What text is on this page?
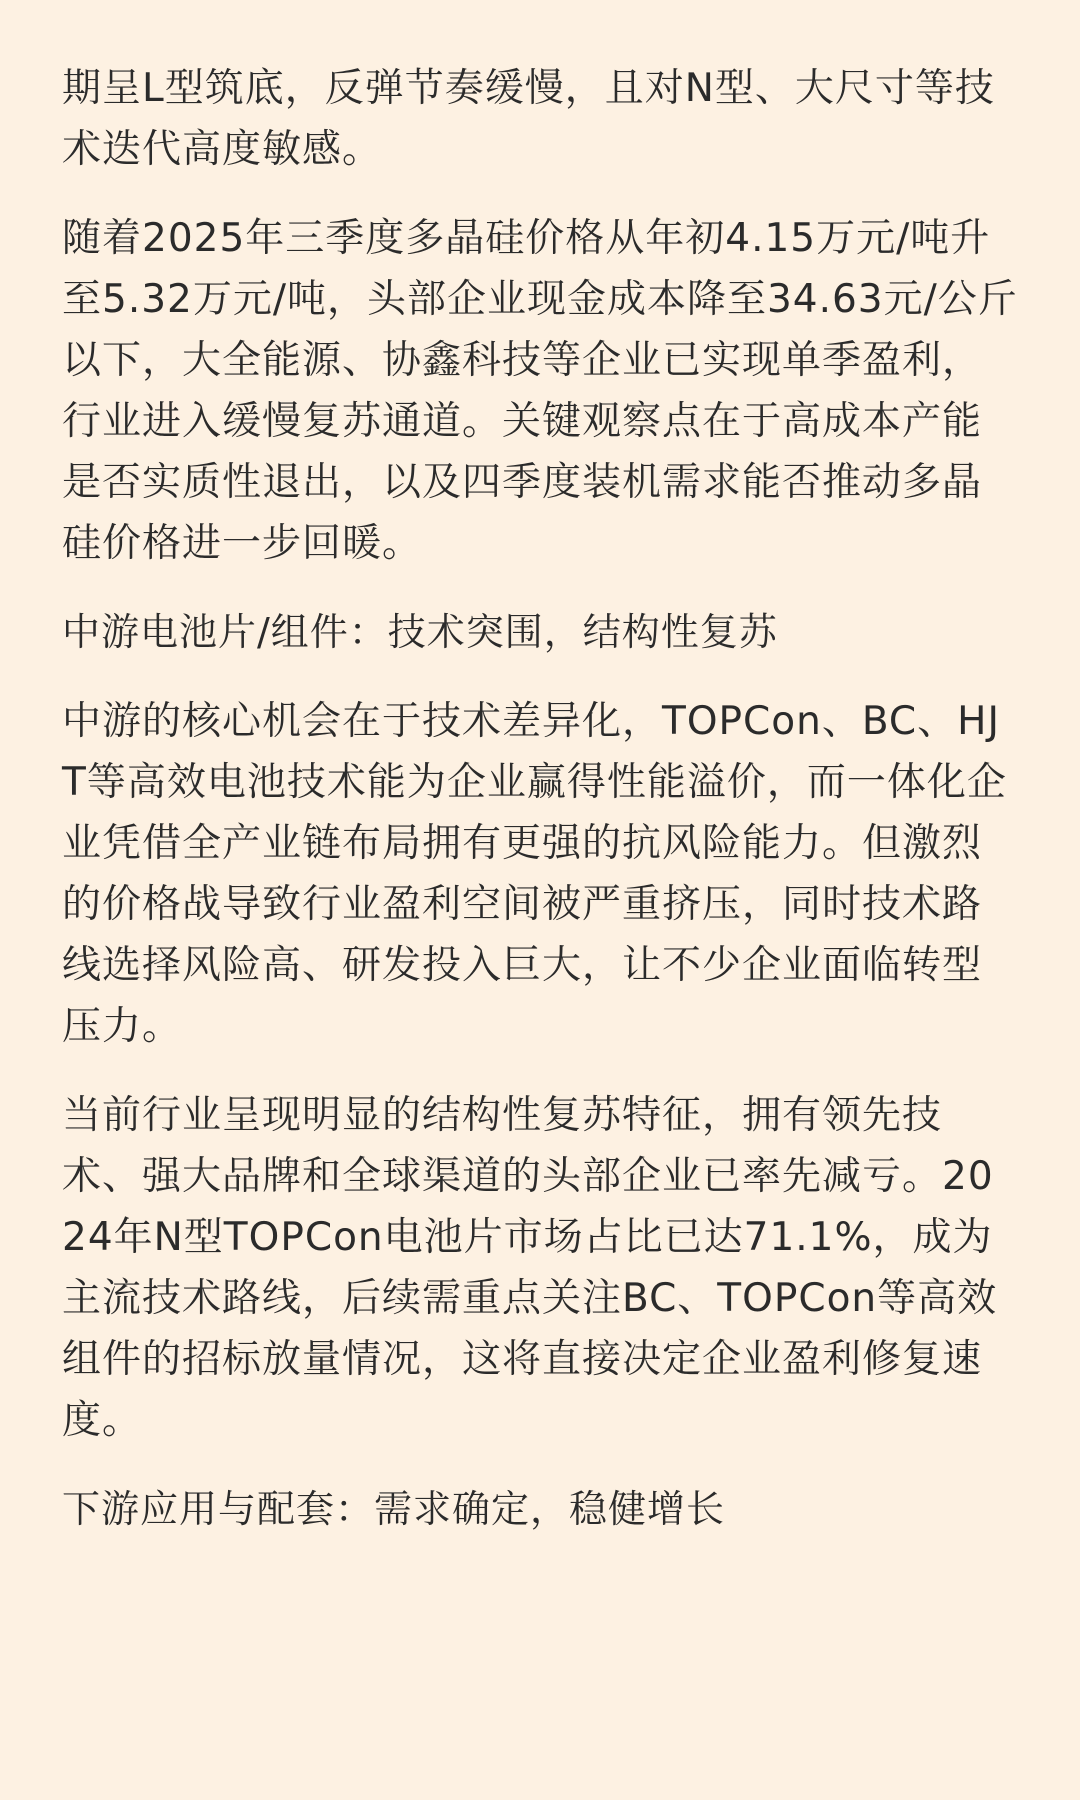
期呈L型筑底，反弹节奏缓慢，且对N型、大尺寸等技术迭代高度敏感。

随着2025年三季度多晶硅价格从年初4.15万元/吨升至5.32万元/吨，头部企业现金成本降至34.63元/公斤以下，大全能源、协鑫科技等企业已实现单季盈利，行业进入缓慢复苏通道。关键观察点在于高成本产能是否实质性退出，以及四季度装机需求能否推动多晶硅价格进一步回暖。

中游电池片/组件：技术突围，结构性复苏

中游的核心机会在于技术差异化，TOPCon、BC、HJT等高效电池技术能为企业赢得性能溢价，而一体化企业凭借全产业链布局拥有更强的抗风险能力。但激烈的价格战导致行业盈利空间被严重挤压，同时技术路线选择风险高、研发投入巨大，让不少企业面临转型压力。

当前行业呈现明显的结构性复苏特征，拥有领先技术、强大品牌和全球渠道的头部企业已率先减亏。2024年N型TOPCon电池片市场占比已达71.1%，成为主流技术路线，后续需重点关注BC、TOPCon等高效组件的招标放量情况，这将直接决定企业盈利修复速度。

下游应用与配套：需求确定，稳健增长
